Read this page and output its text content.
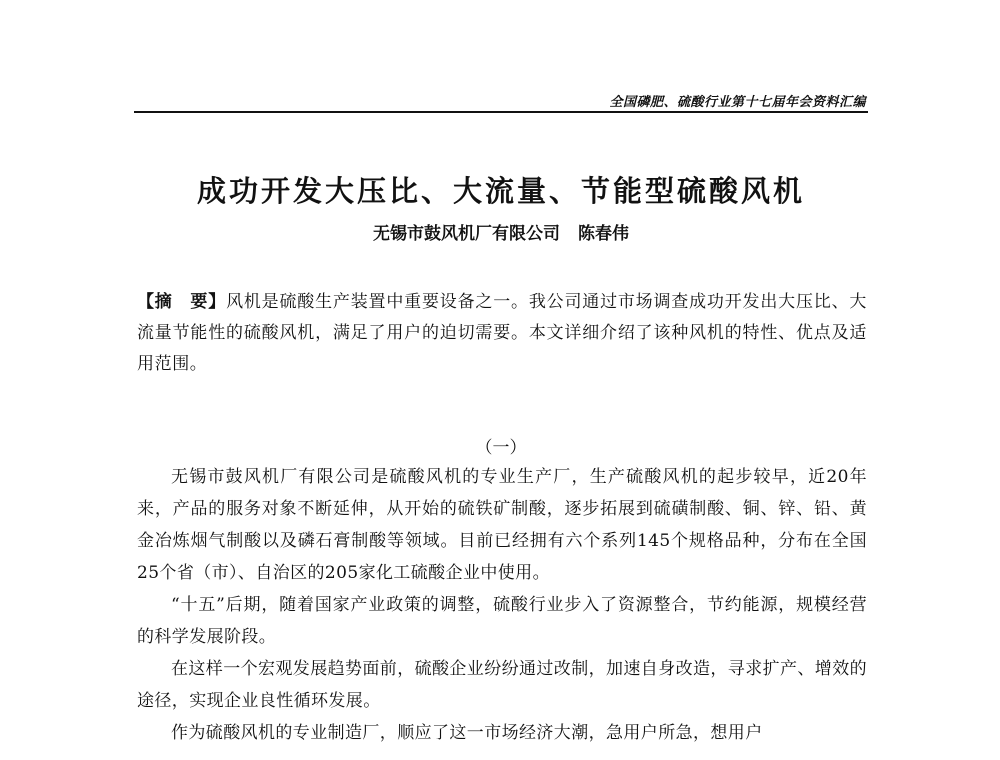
全国磷肥、硫酸行业第十七届年会资料汇编
成功开发大压比、大流量、节能型硫酸风机
无锡市鼓风机厂有限公司 陈春伟
【摘　要】风机是硫酸生产装置中重要设备之一。我公司通过市场调查成功开发出大压比、大流量节能性的硫酸风机，满足了用户的迫切需要。本文详细介绍了该种风机的特性、优点及适用范围。
（一）

无锡市鼓风机厂有限公司是硫酸风机的专业生产厂，生产硫酸风机的起步较早，近20年来，产品的服务对象不断延伸，从开始的硫铁矿制酸，逐步拓展到硫磺制酸、铜、锌、铅、黄金冶炼烟气制酸以及磷石膏制酸等领域。目前已经拥有六个系列145个规格品种，分布在全国25个省（市）、自治区的205家化工硫酸企业中使用。

“十五”后期，随着国家产业政策的调整，硫酸行业步入了资源整合，节约能源，规模经营的科学发展阶段。

在这样一个宏观发展趋势面前，硫酸企业纷纷通过改制，加速自身改造，寻求扩产、增效的途径，实现企业良性循环发展。

作为硫酸风机的专业制造厂，顺应了这一市场经济大潮，急用户所急，想用户
